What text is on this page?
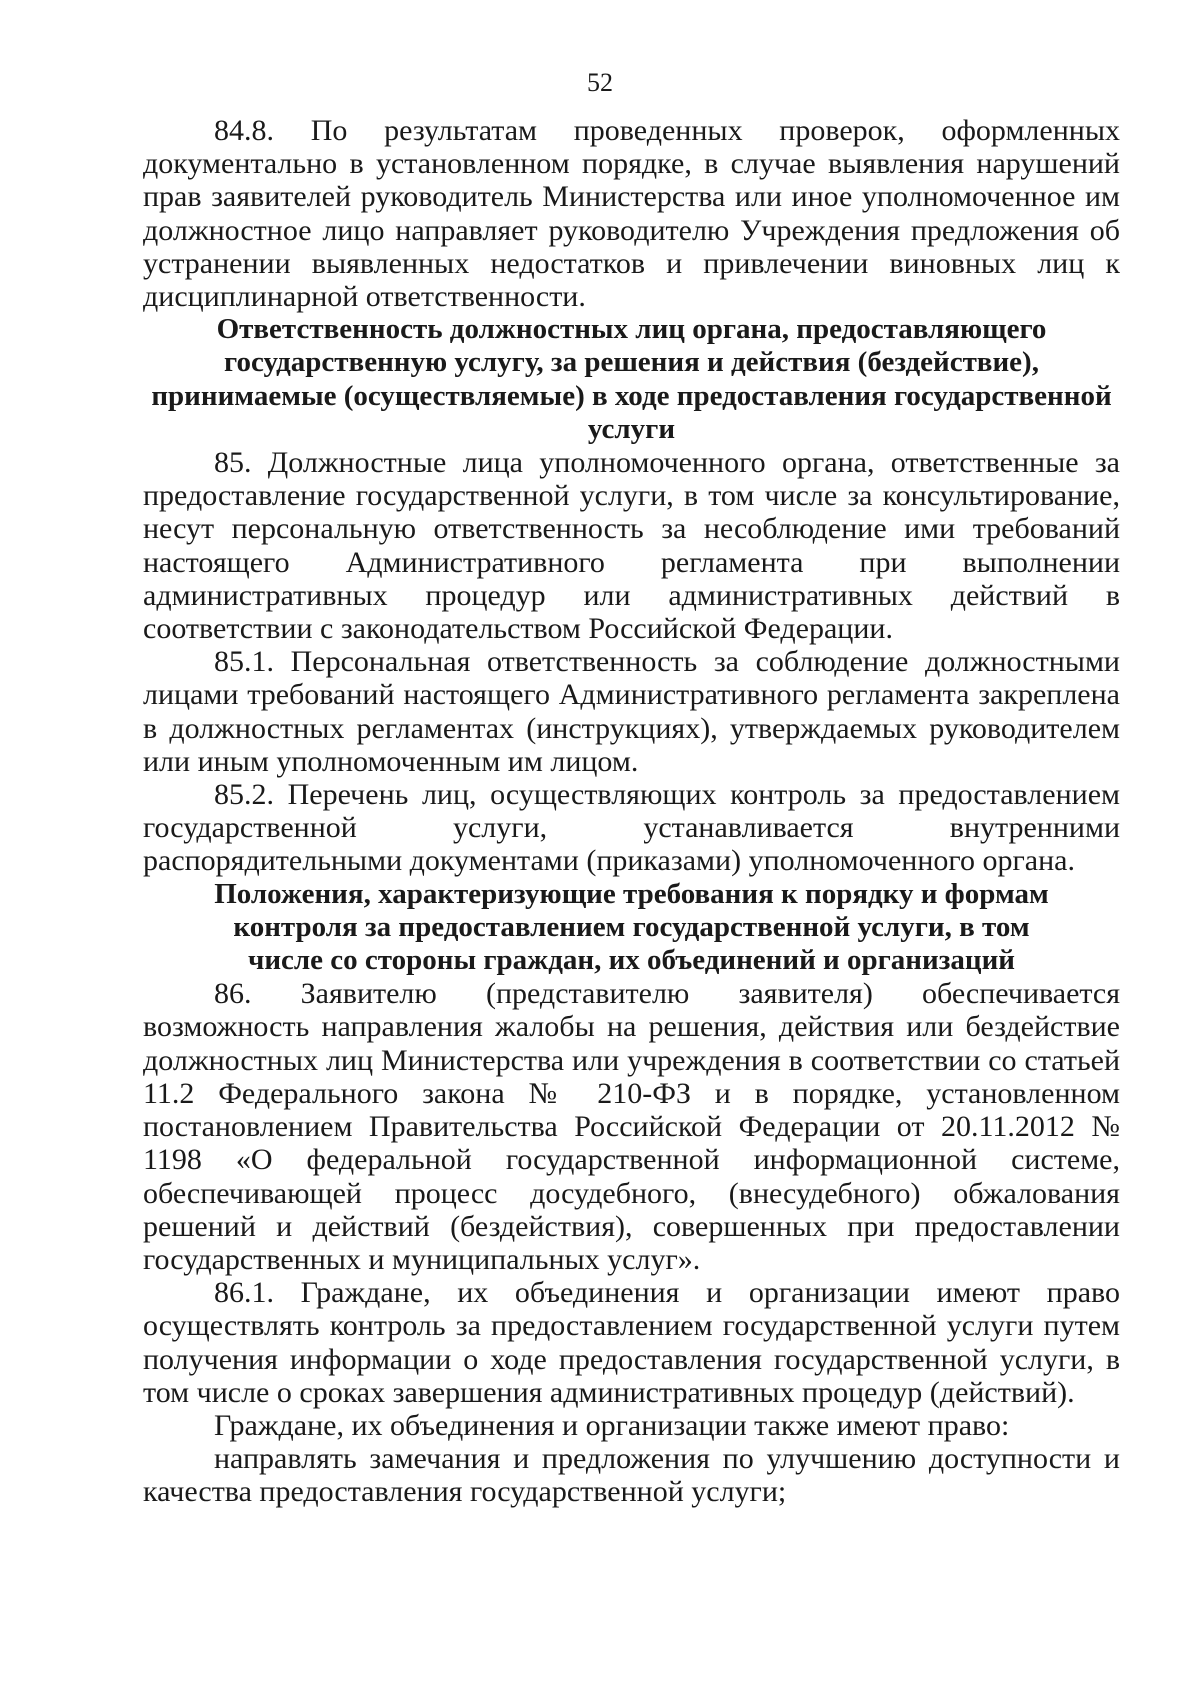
52

84.8. По результатам проведенных проверок, оформленных документально в установленном порядке, в случае выявления нарушений прав заявителей руководитель Министерства или иное уполномоченное им должностное лицо направляет руководителю Учреждения предложения об устранении выявленных недостатков и привлечении виновных лиц к дисциплинарной ответственности.

Ответственность должностных лиц органа, предоставляющего
государственную услугу, за решения и действия (бездействие),
принимаемые (осуществляемые) в ходе предоставления государственной
услуги

85. Должностные лица уполномоченного органа, ответственные за предоставление государственной услуги, в том числе за консультирование, несут персональную ответственность за несоблюдение ими требований настоящего Административного регламента при выполнении административных процедур или административных действий в соответствии с законодательством Российской Федерации.

85.1. Персональная ответственность за соблюдение должностными лицами требований настоящего Административного регламента закреплена в должностных регламентах (инструкциях), утверждаемых руководителем или иным уполномоченным им лицом.

85.2. Перечень лиц, осуществляющих контроль за предоставлением государственной услуги, устанавливается внутренними распорядительными документами (приказами) уполномоченного органа.

Положения, характеризующие требования к порядку и формам
контроля за предоставлением государственной услуги, в том
числе со стороны граждан, их объединений и организаций

86. Заявителю (представителю заявителя) обеспечивается возможность направления жалобы на решения, действия или бездействие должностных лиц Министерства или учреждения в соответствии со статьей 11.2 Федерального закона № 210-ФЗ и в порядке, установленном постановлением Правительства Российской Федерации от 20.11.2012 № 1198 «О федеральной государственной информационной системе, обеспечивающей процесс досудебного, (внесудебного) обжалования решений и действий (бездействия), совершенных при предоставлении государственных и муниципальных услуг».

86.1. Граждане, их объединения и организации имеют право осуществлять контроль за предоставлением государственной услуги путем получения информации о ходе предоставления государственной услуги, в том числе о сроках завершения административных процедур (действий).

Граждане, их объединения и организации также имеют право:

направлять замечания и предложения по улучшению доступности и качества предоставления государственной услуги;
